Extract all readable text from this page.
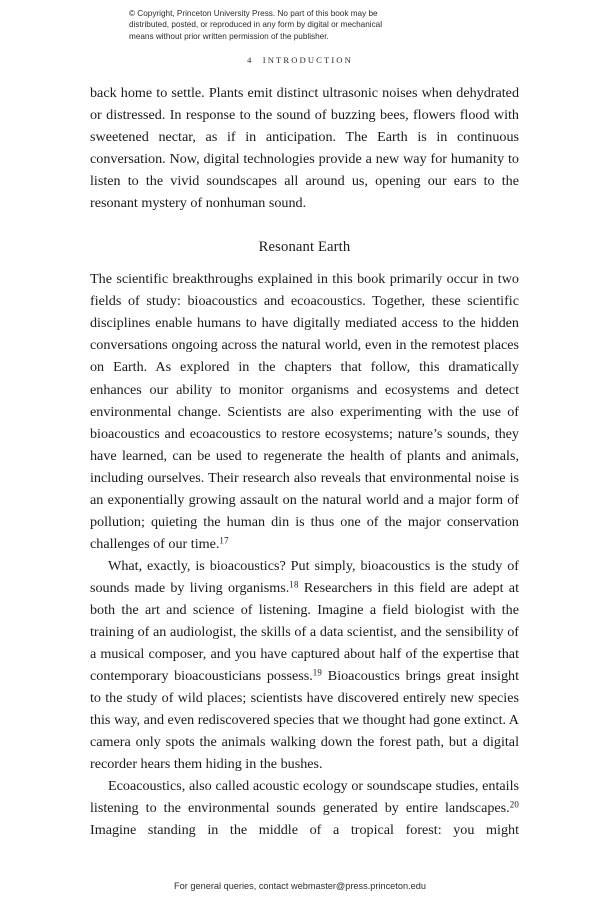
© Copyright, Princeton University Press. No part of this book may be
distributed, posted, or reproduced in any form by digital or mechanical
means without prior written permission of the publisher.
4 INTRODUCTION

back home to settle. Plants emit distinct ultrasonic noises when dehydrated or distressed. In response to the sound of buzzing bees, flowers flood with sweetened nectar, as if in anticipation. The Earth is in continuous conversation. Now, digital technologies provide a new way for humanity to listen to the vivid soundscapes all around us, opening our ears to the resonant mystery of nonhuman sound.

Resonant Earth

The scientific breakthroughs explained in this book primarily occur in two fields of study: bioacoustics and ecoacoustics. Together, these scientific disciplines enable humans to have digitally mediated access to the hidden conversations ongoing across the natural world, even in the remotest places on Earth. As explored in the chapters that follow, this dramatically enhances our ability to monitor organisms and ecosystems and detect environmental change. Scientists are also experimenting with the use of bioacoustics and ecoacoustics to restore ecosystems; nature’s sounds, they have learned, can be used to regenerate the health of plants and animals, including ourselves. Their research also reveals that environmental noise is an exponentially growing assault on the natural world and a major form of pollution; quieting the human din is thus one of the major conservation challenges of our time.$^{17}$

What, exactly, is bioacoustics? Put simply, bioacoustics is the study of sounds made by living organisms.$^{18}$ Researchers in this field are adept at both the art and science of listening. Imagine a field biologist with the training of an audiologist, the skills of a data scientist, and the sensibility of a musical composer, and you have captured about half of the expertise that contemporary bioacousticians possess.$^{19}$ Bioacoustics brings great insight to the study of wild places; scientists have discovered entirely new species this way, and even rediscovered species that we thought had gone extinct. A camera only spots the animals walking down the forest path, but a digital recorder hears them hiding in the bushes.

Ecoacoustics, also called acoustic ecology or soundscape studies, entails listening to the environmental sounds generated by entire landscapes.$^{20}$ Imagine standing in the middle of a tropical forest: you might

For general queries, contact webmaster@press.princeton.edu
